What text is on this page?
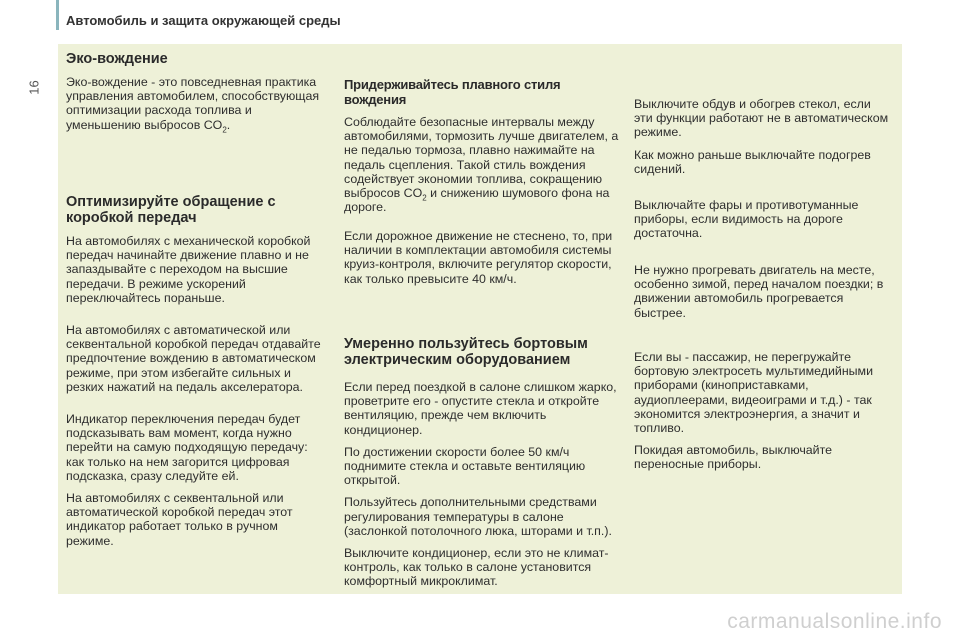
16
Автомобиль и защита окружающей среды
Эко-вождение

Эко-вождение - это повседневная практика управления автомобилем, способствующая оптимизации расхода топлива и уменьшению выбросов $CO_2$.

Оптимизируйте обращение с коробкой передач

На автомобилях с механической коробкой передач начинайте движение плавно и не запаздывайте с переходом на высшие передачи. В режиме ускорений переключайтесь пораньше.

На автомобилях с автоматической или секвентальной коробкой передач отдавайте предпочтение вождению в автоматическом режиме, при этом избегайте сильных и резких нажатий на педаль акселератора.

Индикатор переключения передач будет подсказывать вам момент, когда нужно перейти на самую подходящую передачу: как только на нем загорится цифровая подсказка, сразу следуйте ей.

На автомобилях с секвентальной или автоматической коробкой передач этот индикатор работает только в ручном режиме.

Придерживайтесь плавного стиля вождения

Соблюдайте безопасные интервалы между автомобилями, тормозить лучше двигателем, а не педалью тормоза, плавно нажимайте на педаль сцепления. Такой стиль вождения содействует экономии топлива, сокращению выбросов $CO_2$ и снижению шумового фона на дороге.

Если дорожное движение не стеснено, то, при наличии в комплектации автомобиля системы круиз-контроля, включите регулятор скорости, как только превысите 40 км/ч.

Умеренно пользуйтесь бортовым электрическим оборудованием

Если перед поездкой в салоне слишком жарко, проветрите его - опустите стекла и откройте вентиляцию, прежде чем включить кондиционер.

По достижении скорости более 50 км/ч поднимите стекла и оставьте вентиляцию открытой.

Пользуйтесь дополнительными средствами регулирования температуры в салоне (заслонкой потолочного люка, шторами и т.п.).

Выключите кондиционер, если это не климат-контроль, как только в салоне установится комфортный микроклимат.

Выключите обдув и обогрев стекол, если эти функции работают не в автоматическом режиме.

Как можно раньше выключайте подогрев сидений.

Выключайте фары и противотуманные приборы, если видимость на дороге достаточна.

Не нужно прогревать двигатель на месте, особенно зимой, перед началом поездки; в движении автомобиль прогревается быстрее.

Если вы - пассажир, не перегружайте бортовую электросеть мультимедийными приборами (киноприставками, аудиоплеерами, видеоиграми и т.д.) - так экономится электроэнергия, а значит и топливо.

Покидая автомобиль, выключайте переносные приборы.

carmanualsonline.info
